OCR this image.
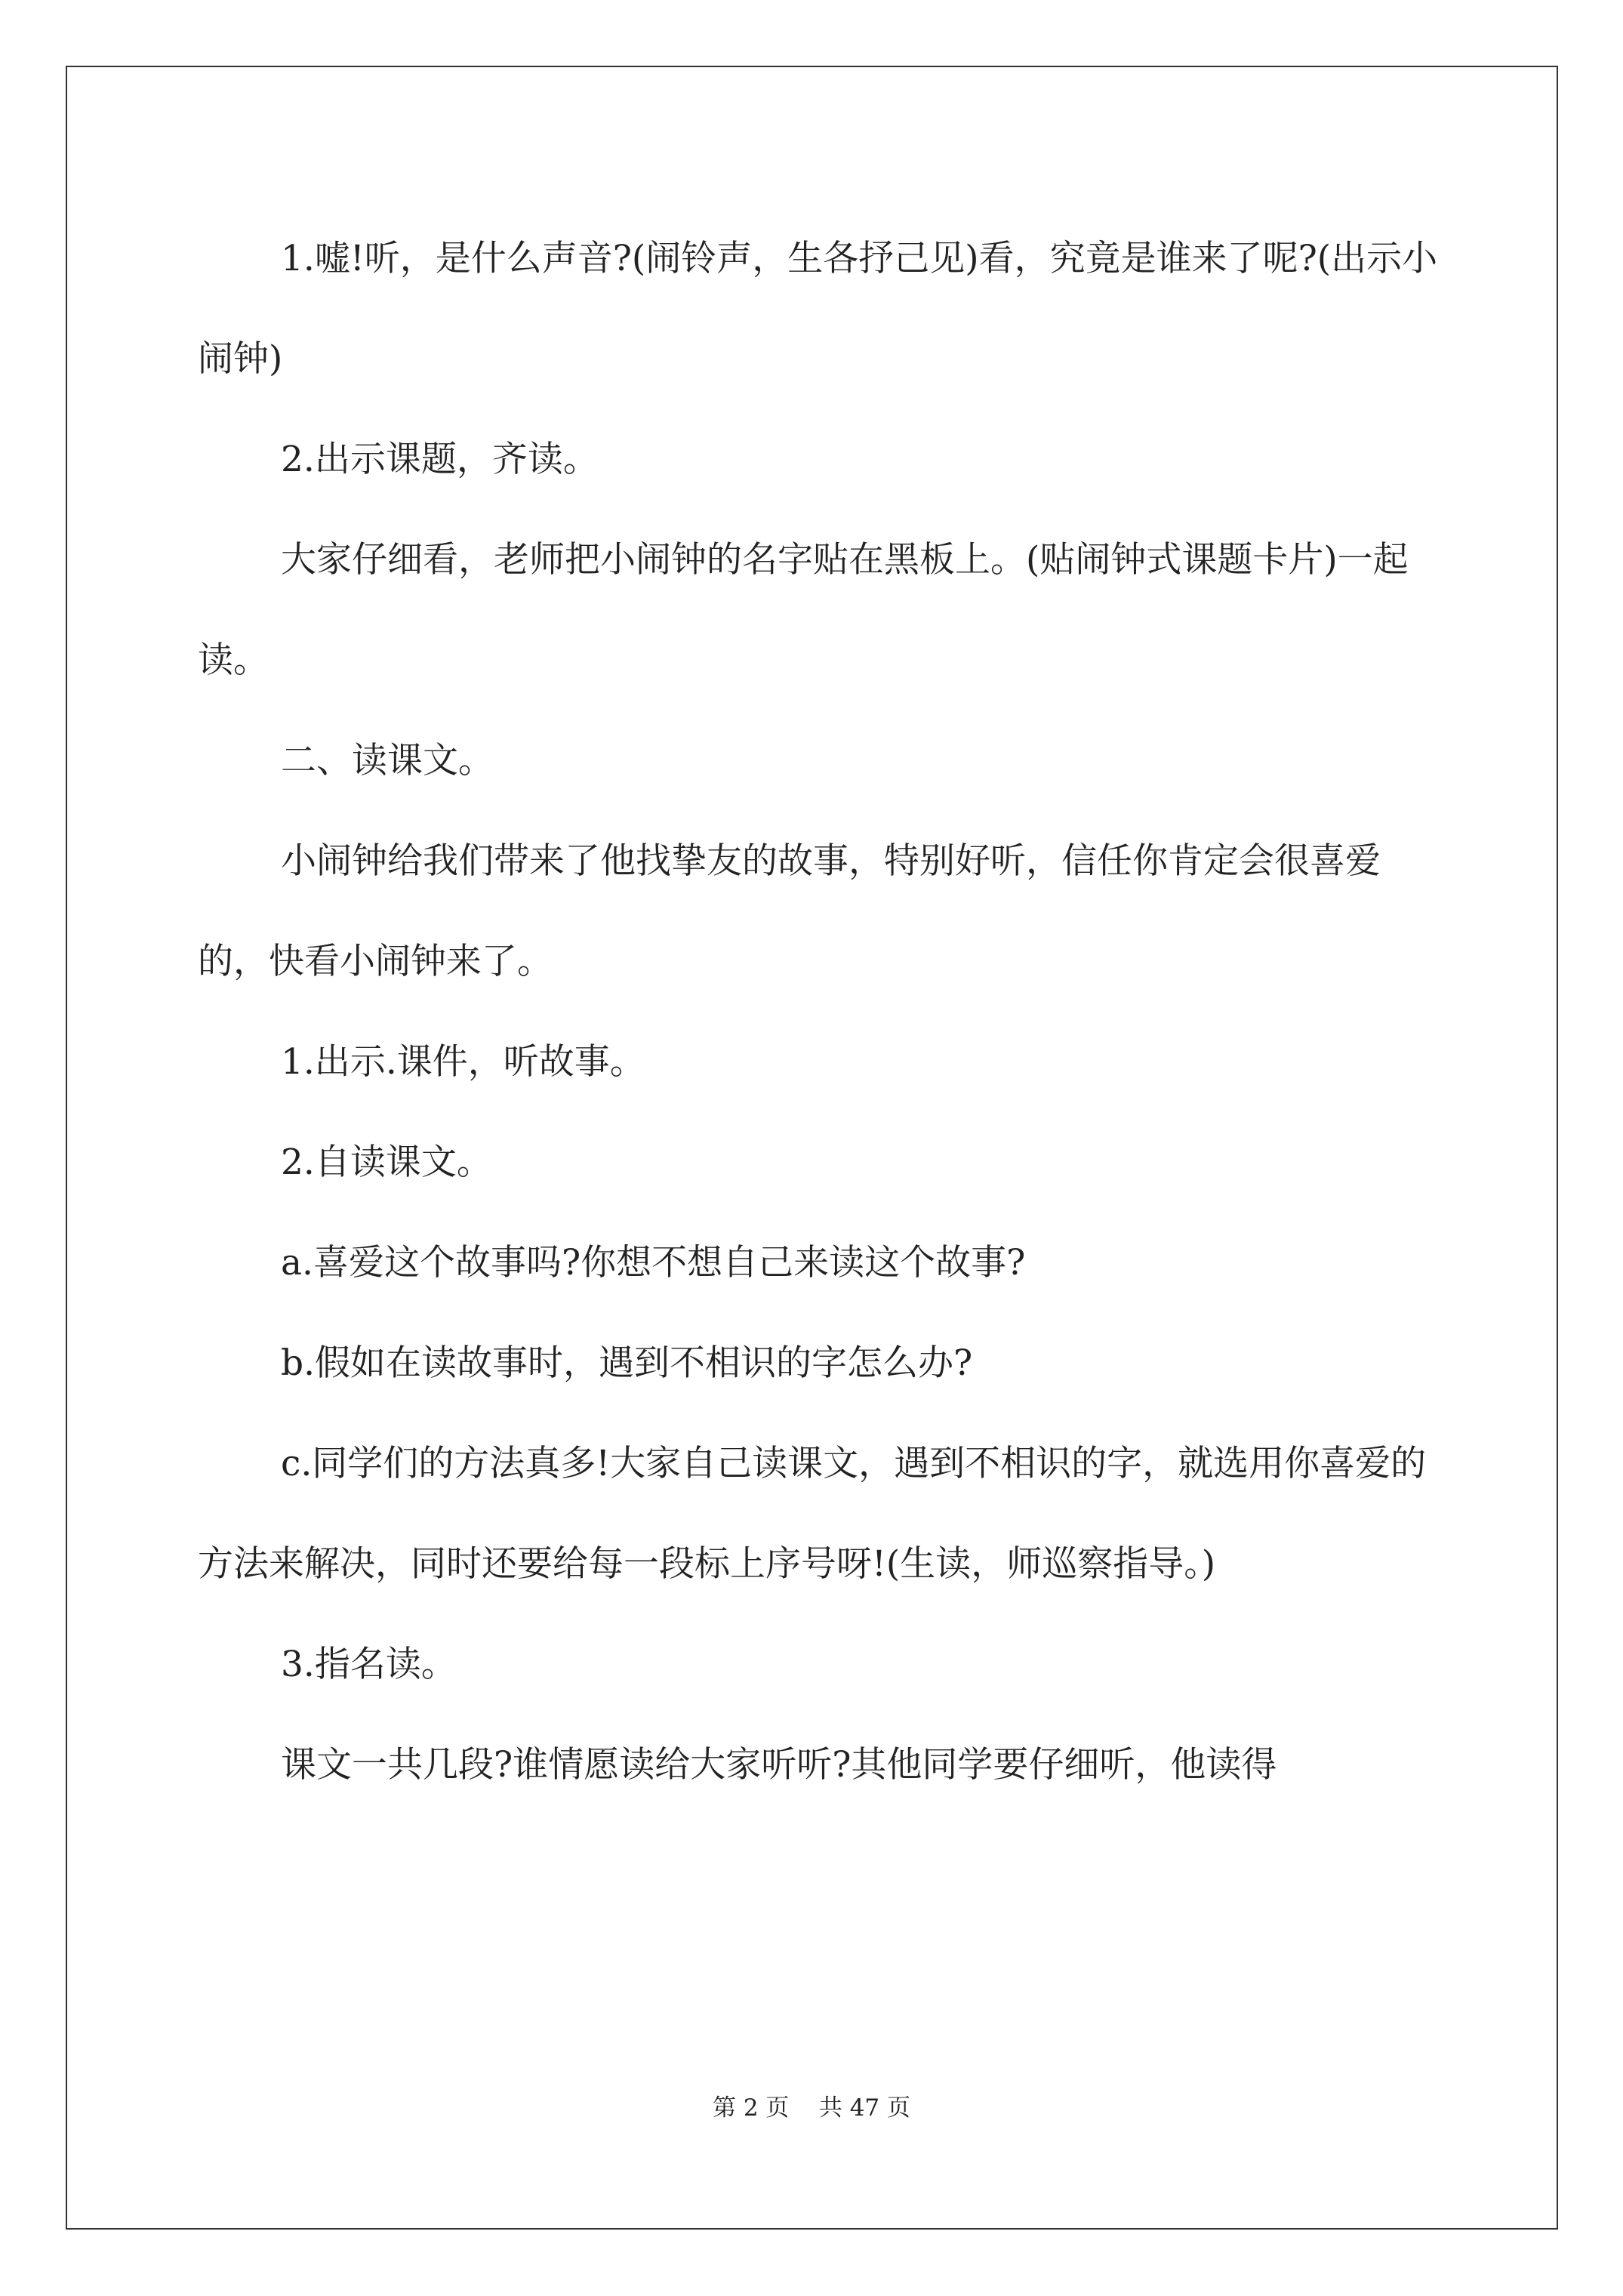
1.嘘!听，是什么声音?(闹铃声，生各抒己见)看，究竟是谁来了呢?(出示小闹钟)

2.出示课题，齐读。

大家仔细看，老师把小闹钟的名字贴在黑板上。(贴闹钟式课题卡片)一起读。

二、读课文。

小闹钟给我们带来了他找挚友的故事，特别好听，信任你肯定会很喜爱的，快看小闹钟来了。

1.出示.课件，听故事。

2.自读课文。

a.喜爱这个故事吗?你想不想自己来读这个故事?

b.假如在读故事时，遇到不相识的字怎么办?

c.同学们的方法真多!大家自己读课文，遇到不相识的字，就选用你喜爱的方法来解决，同时还要给每一段标上序号呀!(生读，师巡察指导。)

3.指名读。

课文一共几段?谁情愿读给大家听听?其他同学要仔细听，他读得

第 2 页 共 47 页
